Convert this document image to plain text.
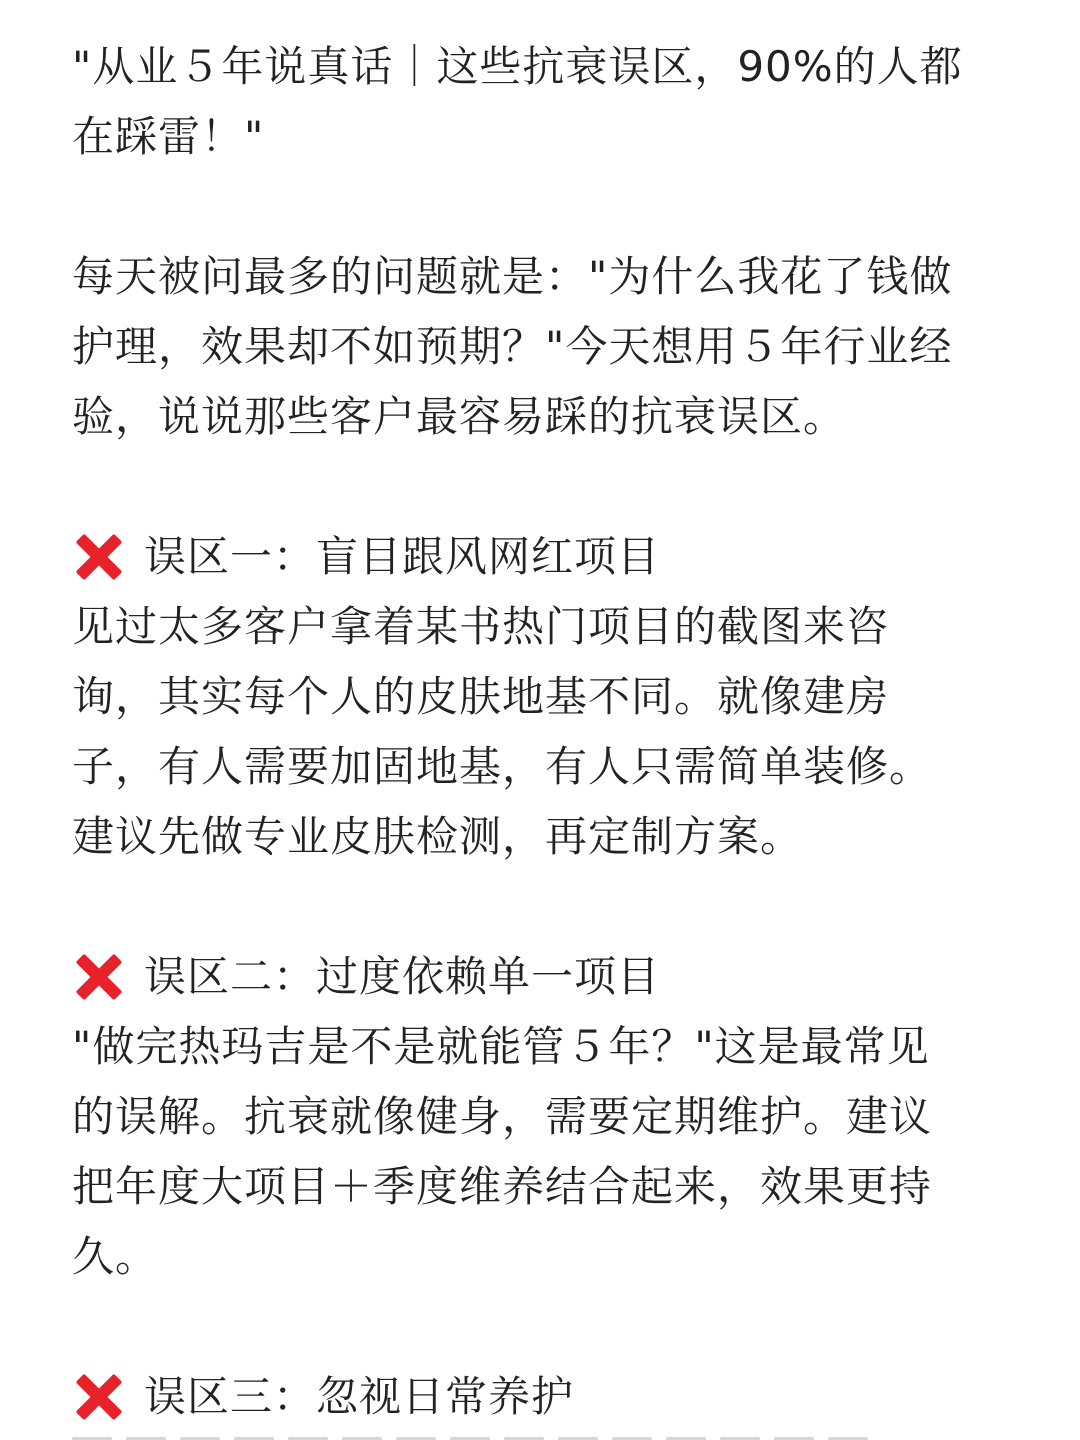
"从业５年说真话｜这些抗衰误区，90%的人都
在踩雷！"
每天被问最多的问题就是："为什么我花了钱做
护理，效果却不如预期？"今天想用５年行业经
验，说说那些客户最容易踩的抗衰误区。
误区一：盲目跟风网红项目
见过太多客户拿着某书热门项目的截图来咨
询，其实每个人的皮肤地基不同。就像建房
子，有人需要加固地基，有人只需简单装修。
建议先做专业皮肤检测，再定制方案。
误区二：过度依赖单一项目
"做完热玛吉是不是就能管５年？"这是最常见
的误解。抗衰就像健身，需要定期维护。建议
把年度大项目＋季度维养结合起来，效果更持
久。
误区三：忽视日常养护
